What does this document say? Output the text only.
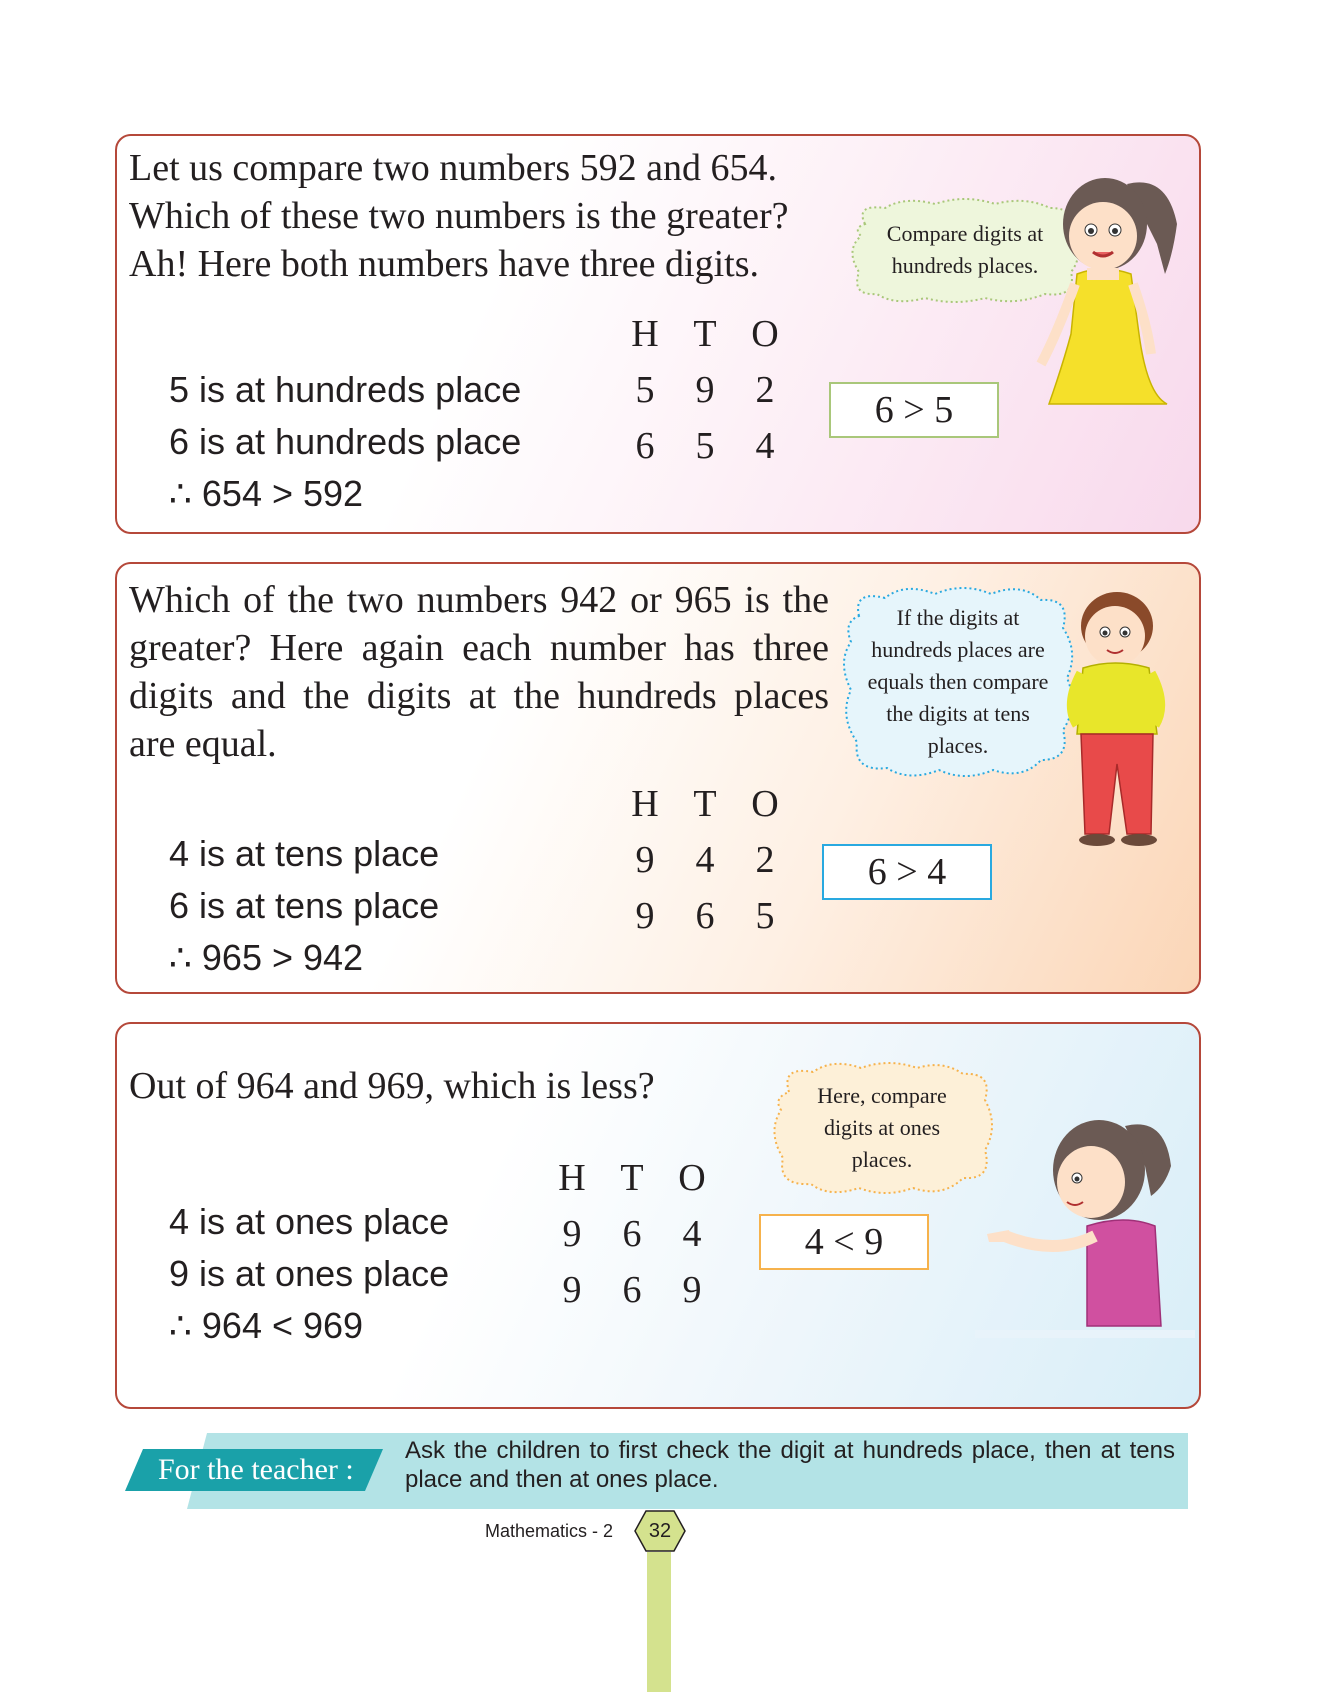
Let us compare two numbers 592 and 654.

Which of these two numbers is the greater?

Ah! Here both numbers have three digits.

H T O
5	9	2
6	5	4
5 is at hundreds place
6 is at hundreds place
∴ 654 > 592
6 > 5
Compare digits at hundreds places.

Which of the two numbers 942 or 965 is the greater? Here again each number has three digits and the digits at the hundreds places are equal.

H T O
9	4	2
9	6	5
4 is at tens place
6 is at tens place
∴ 965 > 942
6 > 4
If the digits at hundreds places are equals then compare the digits at tens places.

Out of 964 and 969, which is less?

H T O
9	6	4
9	6	9
4 is at ones place
9 is at ones place
∴ 964 < 969
4 < 9
Here, compare digits at ones places.
For the teacher :
Ask the children to first check the digit at hundreds place, then at tens place and then at ones place.
Mathematics - 2	32
